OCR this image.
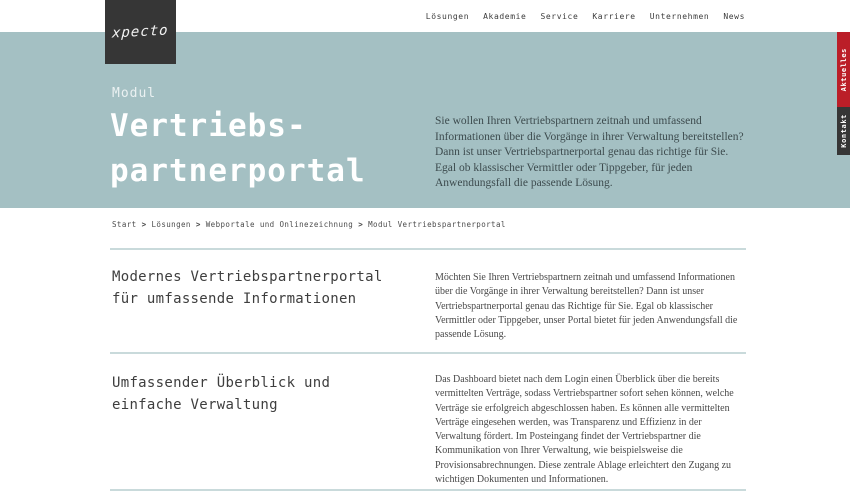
Lösungen Akademie Service Karriere Unternehmen News
Modul
Vertriebs-
partnerportal
Sie wollen Ihren Vertriebspartnern zeitnah und umfassend Informationen über die Vorgänge in ihrer Verwaltung bereitstellen? Dann ist unser Vertriebspartnerportal genau das richtige für Sie. Egal ob klassischer Vermittler oder Tippgeber, für jeden Anwendungsfall die passende Lösung.
xpecto
Aktuelles
Kontakt
Start > Lösungen > Webportale und Onlinezeichnung > Modul Vertriebspartnerportal
Modernes Vertriebspartnerportal für umfassende Informationen

Möchten Sie Ihren Vertriebspartnern zeitnah und umfassend Informationen über die Vorgänge in ihrer Verwaltung bereitstellen? Dann ist unser Vertriebspartnerportal genau das Richtige für Sie. Egal ob klassischer Vermittler oder Tippgeber, unser Portal bietet für jeden Anwendungsfall die passende Lösung.

Umfassender Überblick und einfache Verwaltung

Das Dashboard bietet nach dem Login einen Überblick über die bereits vermittelten Verträge, sodass Vertriebspartner sofort sehen können, welche Verträge sie erfolgreich abgeschlossen haben. Es können alle vermittelten Verträge eingesehen werden, was Transparenz und Effizienz in der Verwaltung fördert. Im Posteingang findet der Vertriebspartner die Kommunikation von Ihrer Verwaltung, wie beispielsweise die Provisionsabrechnungen. Diese zentrale Ablage erleichtert den Zugang zu wichtigen Dokumenten und Informationen.
